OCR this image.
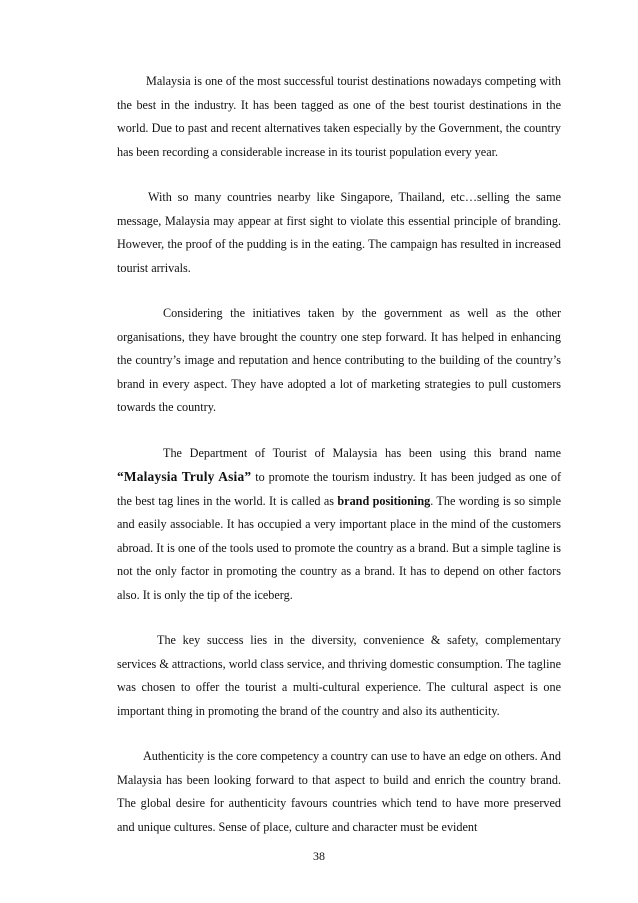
Malaysia is one of the most successful tourist destinations nowadays competing with the best in the industry. It has been tagged as one of the best tourist destinations in the world. Due to past and recent alternatives taken especially by the Government, the country has been recording a considerable increase in its tourist population every year.

With so many countries nearby like Singapore, Thailand, etc…selling the same message, Malaysia may appear at first sight to violate this essential principle of branding. However, the proof of the pudding is in the eating. The campaign has resulted in increased tourist arrivals.

Considering the initiatives taken by the government as well as the other organisations, they have brought the country one step forward. It has helped in enhancing the country’s image and reputation and hence contributing to the building of the country’s brand in every aspect. They have adopted a lot of marketing strategies to pull customers towards the country.

The Department of Tourist of Malaysia has been using this brand name “Malaysia Truly Asia” to promote the tourism industry. It has been judged as one of the best tag lines in the world. It is called as brand positioning. The wording is so simple and easily associable. It has occupied a very important place in the mind of the customers abroad. It is one of the tools used to promote the country as a brand. But a simple tagline is not the only factor in promoting the country as a brand. It has to depend on other factors also. It is only the tip of the iceberg.

The key success lies in the diversity, convenience & safety, complementary services & attractions, world class service, and thriving domestic consumption. The tagline was chosen to offer the tourist a multi-cultural experience. The cultural aspect is one important thing in promoting the brand of the country and also its authenticity.

Authenticity is the core competency a country can use to have an edge on others. And Malaysia has been looking forward to that aspect to build and enrich the country brand. The global desire for authenticity favours countries which tend to have more preserved and unique cultures. Sense of place, culture and character must be evident

38
